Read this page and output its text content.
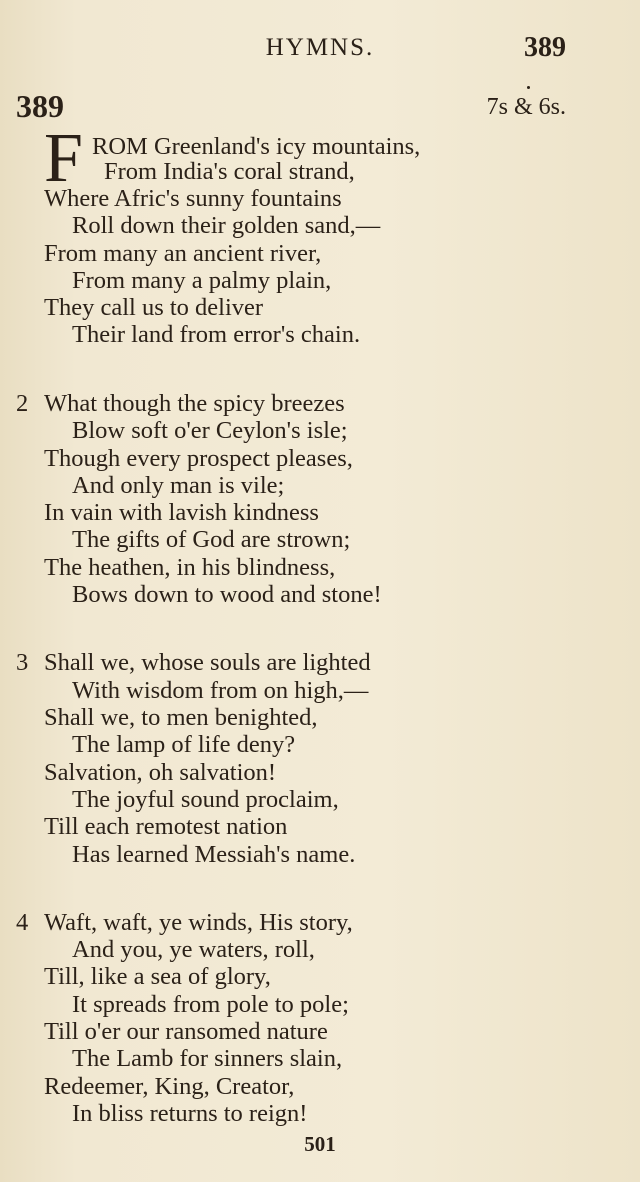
HYMNS.	389
389	7s & 6s.
F ROM Greenland's icy mountains,
From India's coral strand,
Where Afric's sunny fountains
Roll down their golden sand,—
From many an ancient river,
From many a palmy plain,
They call us to deliver
Their land from error's chain.
2 What though the spicy breezes
Blow soft o'er Ceylon's isle;
Though every prospect pleases,
And only man is vile;
In vain with lavish kindness
The gifts of God are strown;
The heathen, in his blindness,
Bows down to wood and stone!
3 Shall we, whose souls are lighted
With wisdom from on high,—
Shall we, to men benighted,
The lamp of life deny?
Salvation, oh salvation!
The joyful sound proclaim,
Till each remotest nation
Has learned Messiah's name.
4 Waft, waft, ye winds, His story,
And you, ye waters, roll,
Till, like a sea of glory,
It spreads from pole to pole;
Till o'er our ransomed nature
The Lamb for sinners slain,
Redeemer, King, Creator,
In bliss returns to reign!
501
